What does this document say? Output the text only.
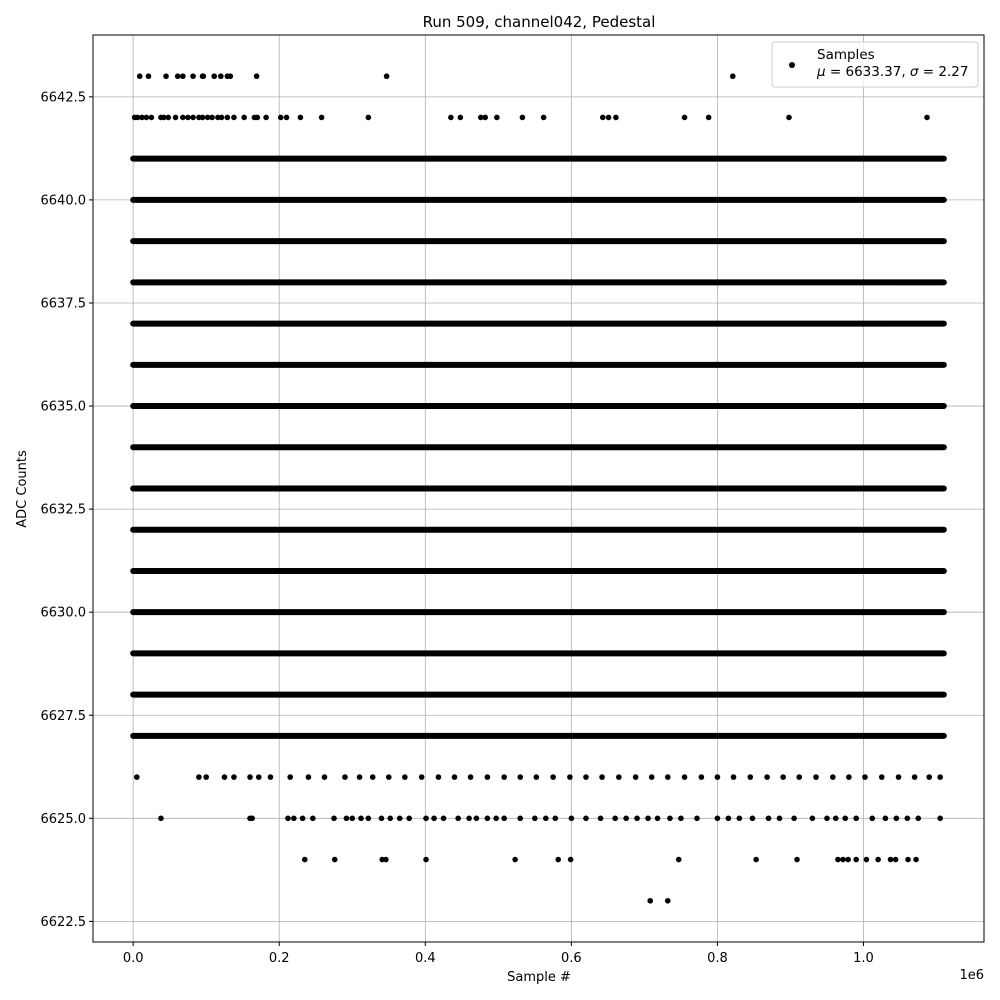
Run 509, channel042, Pedestal
0.0	0.2	0.4	0.6	0.8	1.0
6622.5
6625.0
6627.5
6630.0
6632.5
6635.0
6637.5
6640.0
6642.5
Sample #
ADC Counts
1e6
Samples
μ = 6633.37, σ = 2.27
